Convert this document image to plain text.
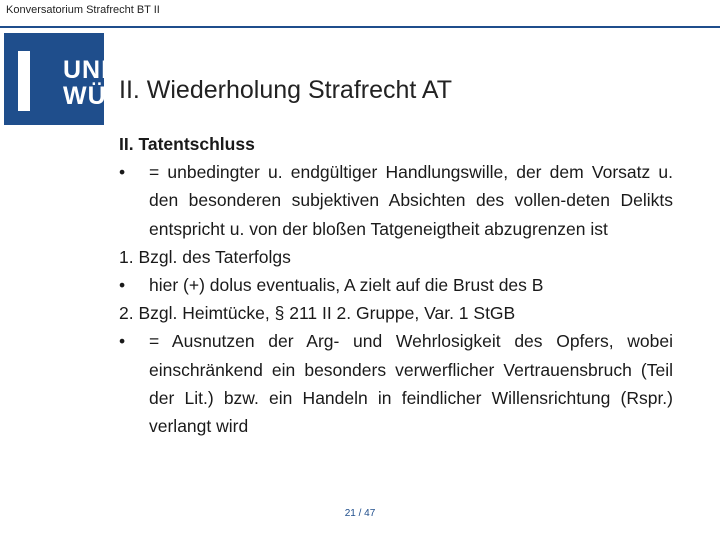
Konversatorium Strafrecht BT II
UNI
WÜ II. Wiederholung Strafrecht AT
II. Tatentschluss
• = unbedingter u. endgültiger Handlungswille, der dem Vorsatz u. den besonderen subjektiven Absichten des vollen-deten Delikts entspricht u. von der bloßen Tatgeneigtheit abzugrenzen ist
1. Bzgl. des Taterfolgs
• hier (+) dolus eventualis, A zielt auf die Brust des B
2. Bzgl. Heimtücke, § 211 II 2. Gruppe, Var. 1 StGB
• = Ausnutzen der Arg- und Wehrlosigkeit des Opfers, wobei einschränkend ein besonders verwerflicher Vertrauensbruch (Teil der Lit.) bzw. ein Handeln in feindlicher Willensrichtung (Rspr.) verlangt wird
21 / 47
